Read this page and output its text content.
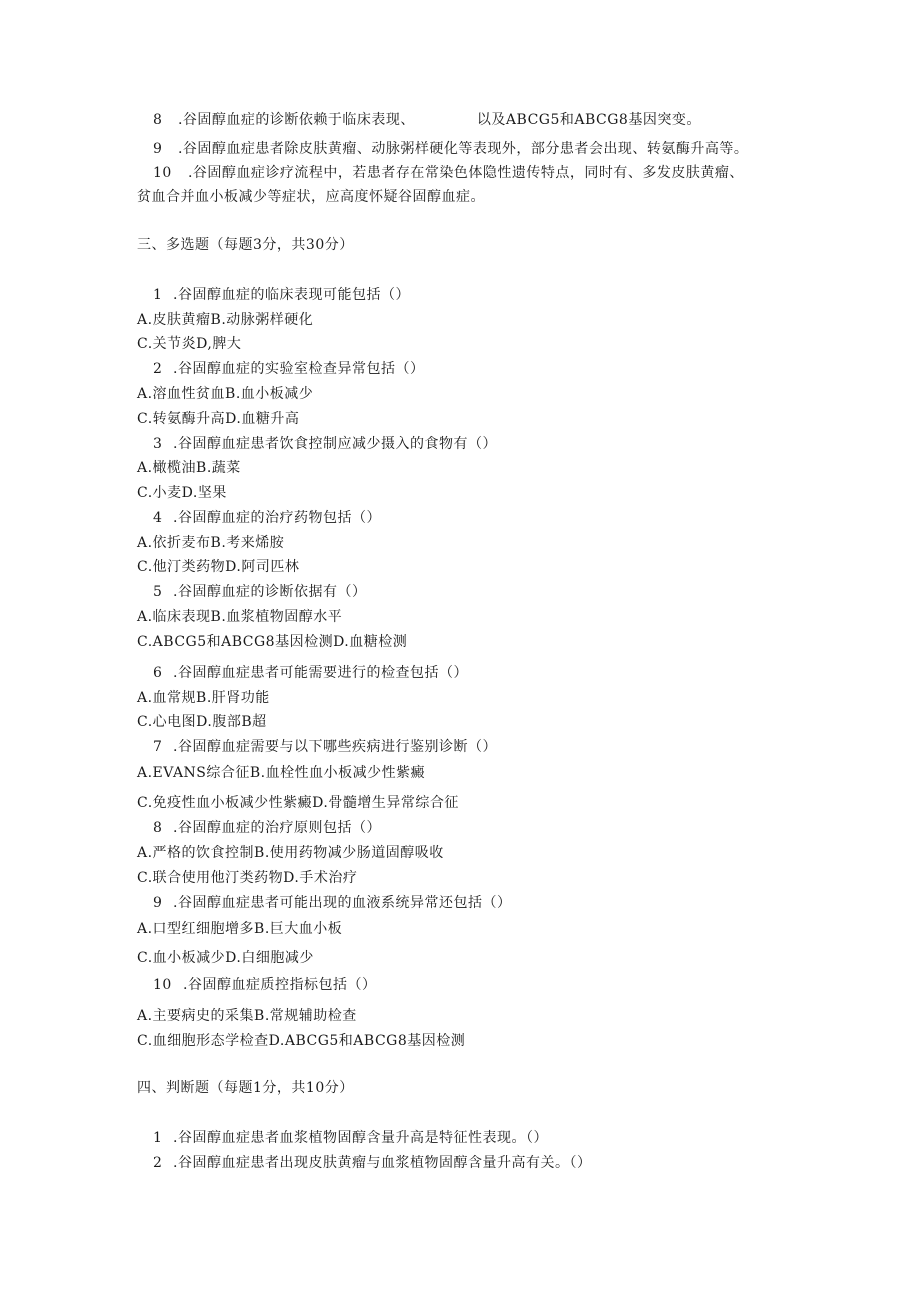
8 .谷固醇血症的诊断依赖于临床表现、	以及ABCG5和ABCG8基因突变。
9 .谷固醇血症患者除皮肤黄瘤、动脉粥样硬化等表现外，部分患者会出现、转氨酶升高等。
10 .谷固醇血症诊疗流程中，若患者存在常染色体隐性遗传特点，同时有、多发皮肤黄瘤、
贫血合并血小板减少等症状，应高度怀疑谷固醇血症。
三、多选题（每题3分，共30分）
1 .谷固醇血症的临床表现可能包括（）
A.皮肤黄瘤B.动脉粥样硬化
C.关节炎D,脾大
2 .谷固醇血症的实验室检查异常包括（）
A.溶血性贫血B.血小板减少
C.转氨酶升高D.血糖升高
3 .谷固醇血症患者饮食控制应减少摄入的食物有（）
A.橄榄油B.蔬菜
C.小麦D.坚果
4 .谷固醇血症的治疗药物包括（）
A.依折麦布B.考来烯胺
C.他汀类药物D.阿司匹林
5 .谷固醇血症的诊断依据有（）
A.临床表现B.血浆植物固醇水平
C.ABCG5和ABCG8基因检测D.血糖检测
6 .谷固醇血症患者可能需要进行的检查包括（）
A.血常规B.肝肾功能
C.心电图D.腹部B超
7 .谷固醇血症需要与以下哪些疾病进行鉴别诊断（）
A.EVANS综合征B.血栓性血小板减少性紫癜
C.免疫性血小板减少性紫癜D.骨髓增生异常综合征
8 .谷固醇血症的治疗原则包括（）
A.严格的饮食控制B.使用药物减少肠道固醇吸收
C.联合使用他汀类药物D.手术治疗
9 .谷固醇血症患者可能出现的血液系统异常还包括（）
A.口型红细胞增多B.巨大血小板
C.血小板减少D.白细胞减少
10 .谷固醇血症质控指标包括（）
A.主要病史的采集B.常规辅助检查
C.血细胞形态学检查D.ABCG5和ABCG8基因检测
四、判断题（每题1分，共10分）
1 .谷固醇血症患者血浆植物固醇含量升高是特征性表现。（）
2 .谷固醇血症患者出现皮肤黄瘤与血浆植物固醇含量升高有关。（）
